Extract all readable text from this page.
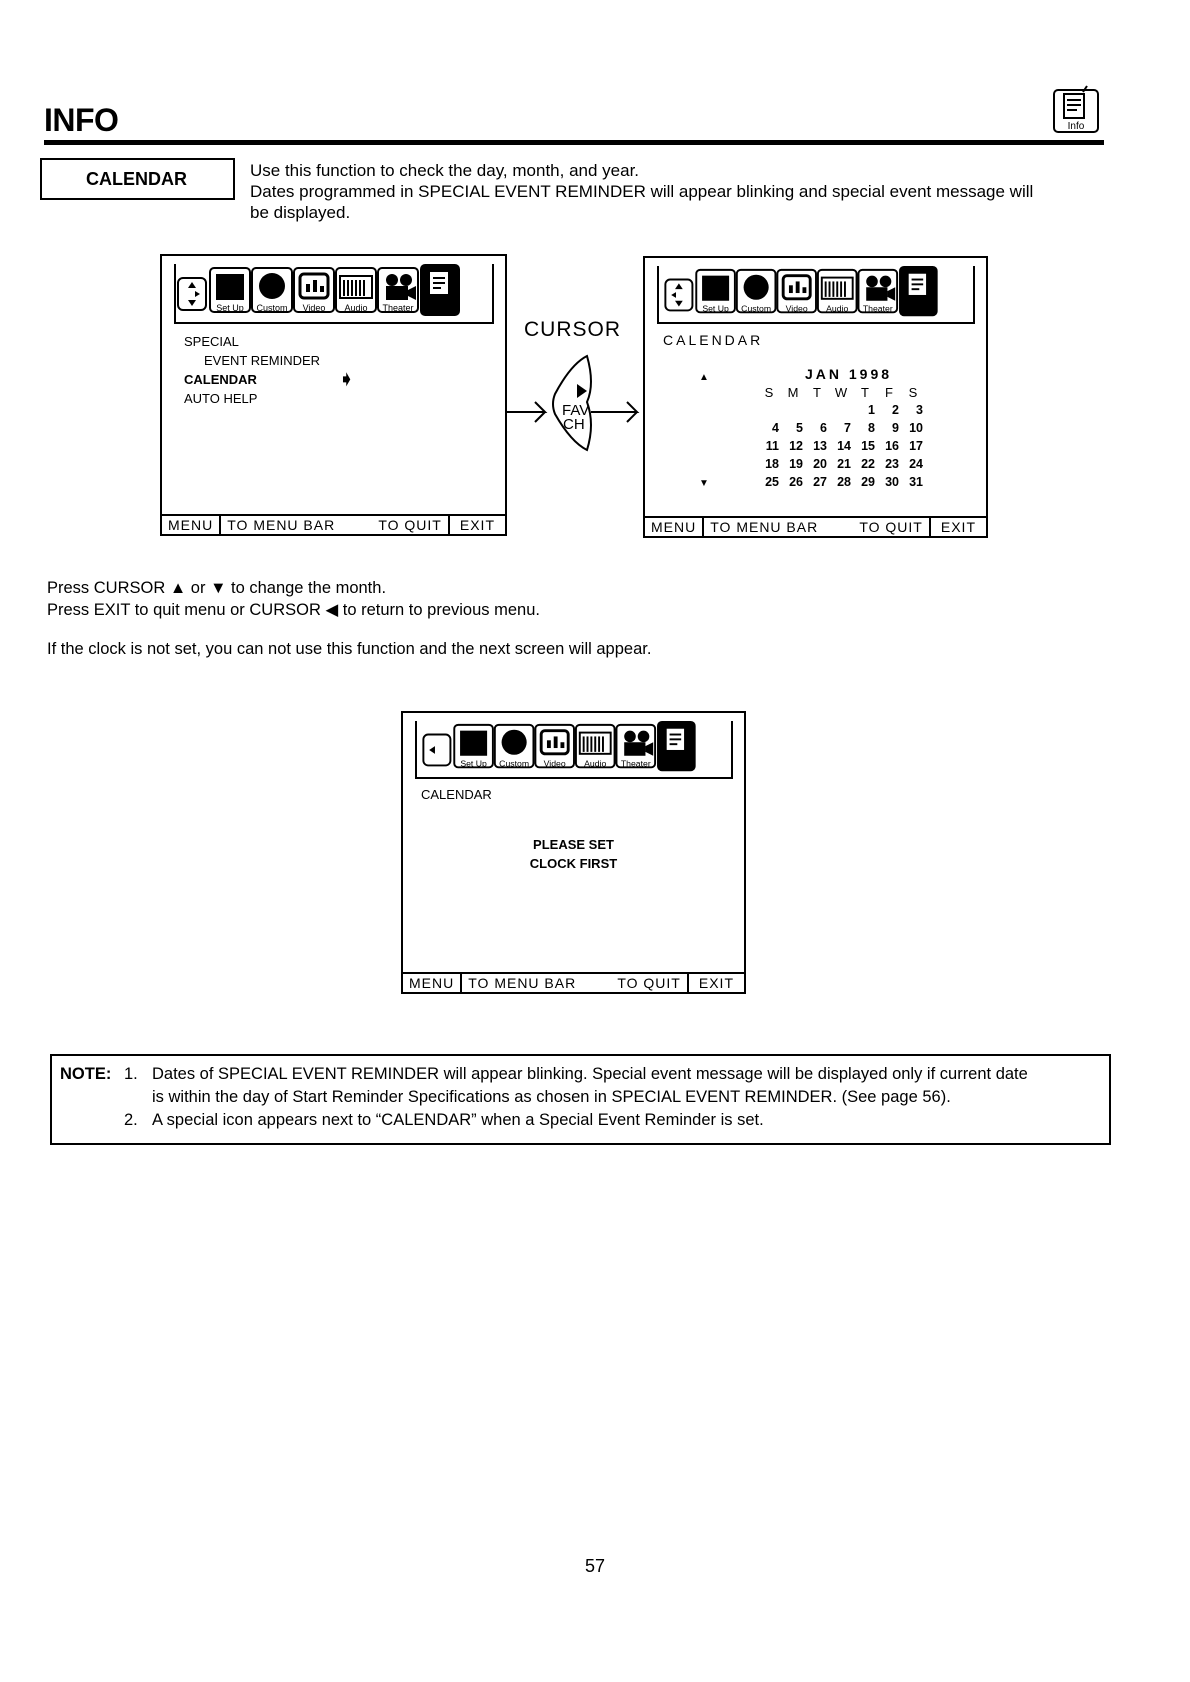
INFO	Info
CALENDAR	Use this function to check the day, month, and year.
Dates programmed in SPECIAL EVENT REMINDER will appear blinking and special event message will
be displayed.
Set Up Custom Video Audio Theater
SPECIAL
EVENT REMINDER
CALENDAR	➧
AUTO HELP
MENU	TO MENU BAR	TO QUIT	EXIT
CURSOR
FAV
CH
Set Up Custom Video Audio Theater
CALENDAR
▲
▼
JAN 1998
S	M	T	W	T	F	S
				1	2	3
4	5	6	7	8	9	10
11	12	13	14	15	16	17
18	19	20	21	22	23	24
25	26	27	28	29	30	31
MENU	TO MENU BAR	TO QUIT	EXIT
Press CURSOR ▲ or ▼ to change the month.
Press EXIT to quit menu or CURSOR ◀ to return to previous menu.
If the clock is not set, you can not use this function and the next screen will appear.
Set Up Custom Video Audio Theater
CALENDAR
PLEASE SET
CLOCK FIRST
MENU	TO MENU BAR	TO QUIT	EXIT
NOTE: 1. Dates of SPECIAL EVENT REMINDER will appear blinking. Special event message will be displayed only if current date
is within the day of Start Reminder Specifications as chosen in SPECIAL EVENT REMINDER. (See page 56).
2. A special icon appears next to “CALENDAR” when a Special Event Reminder is set.
57
